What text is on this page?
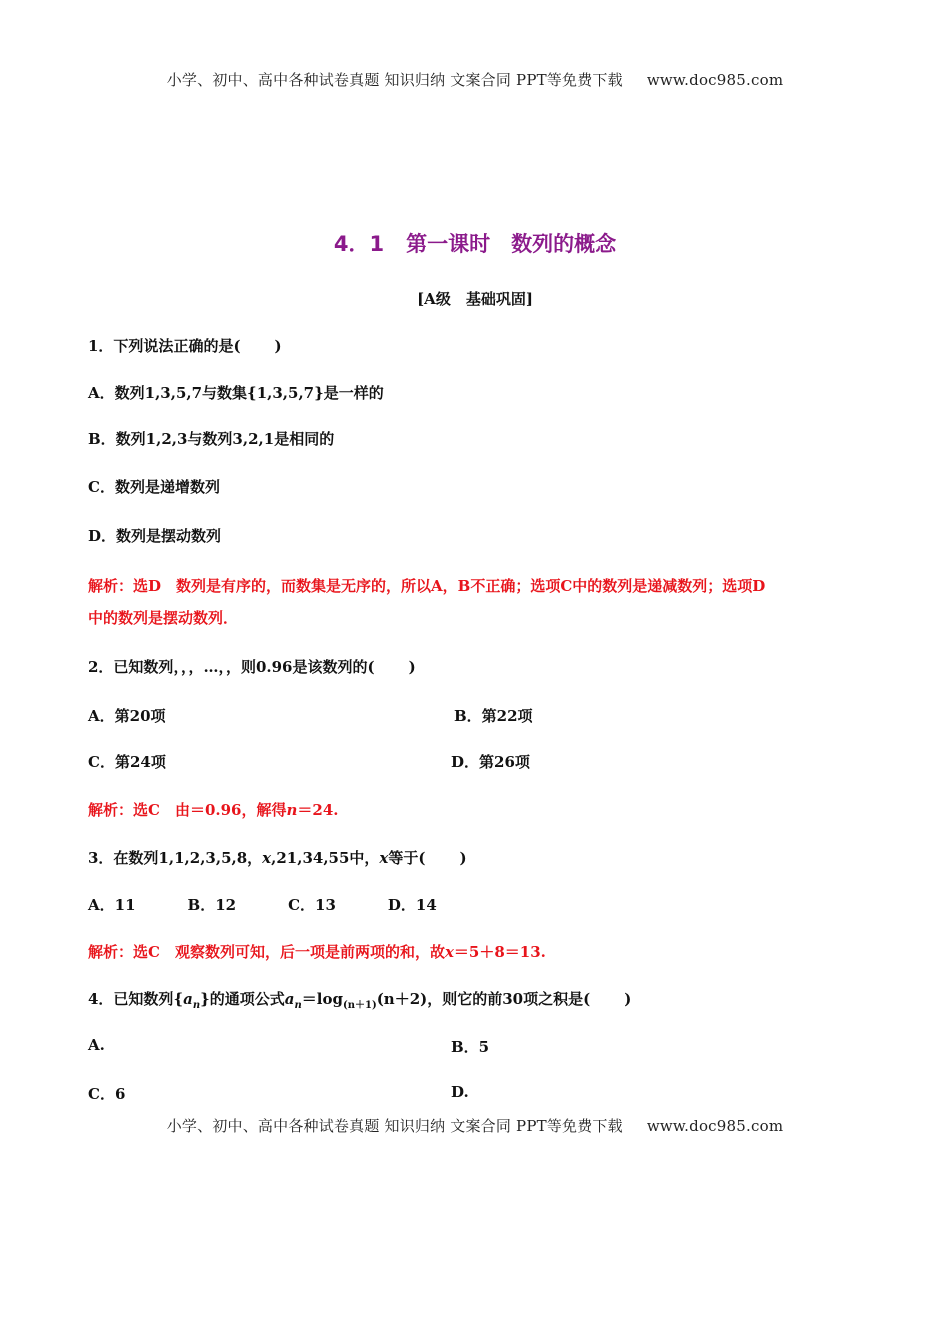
小学、初中、高中各种试卷真题 知识归纳 文案合同 PPT等免费下载 www.doc985.com
4．1 第一课时　数列的概念
[A级　基础巩固]
1．下列说法正确的是( )
A．数列1,3,5,7与数集{1,3,5,7}是一样的
B．数列1,2,3与数列3,2,1是相同的
C．数列是递增数列
D．数列是摆动数列
解析：选D　数列是有序的，而数集是无序的，所以A，B不正确；选项C中的数列是递减数列；选项D
中的数列是摆动数列．
2．已知数列，，，…，，则0.96是该数列的( )
A．第20项	B．第22项
C．第24项	D．第26项
解析：选C　由＝0.96，解得n＝24.
3．在数列1,1,2,3,5,8，x,21,34,55中，x等于( )
A．11	B．12	C．13	D．14
解析：选C　观察数列可知，后一项是前两项的和，故x＝5＋8＝13.
4．已知数列$\{a_n\}$的通项公式$a_n=\log_{(n+1)}(n+2)$，则它的前30项之积是( )
A.	B．5
C．6	D.
小学、初中、高中各种试卷真题 知识归纳 文案合同 PPT等免费下载 www.doc985.com
